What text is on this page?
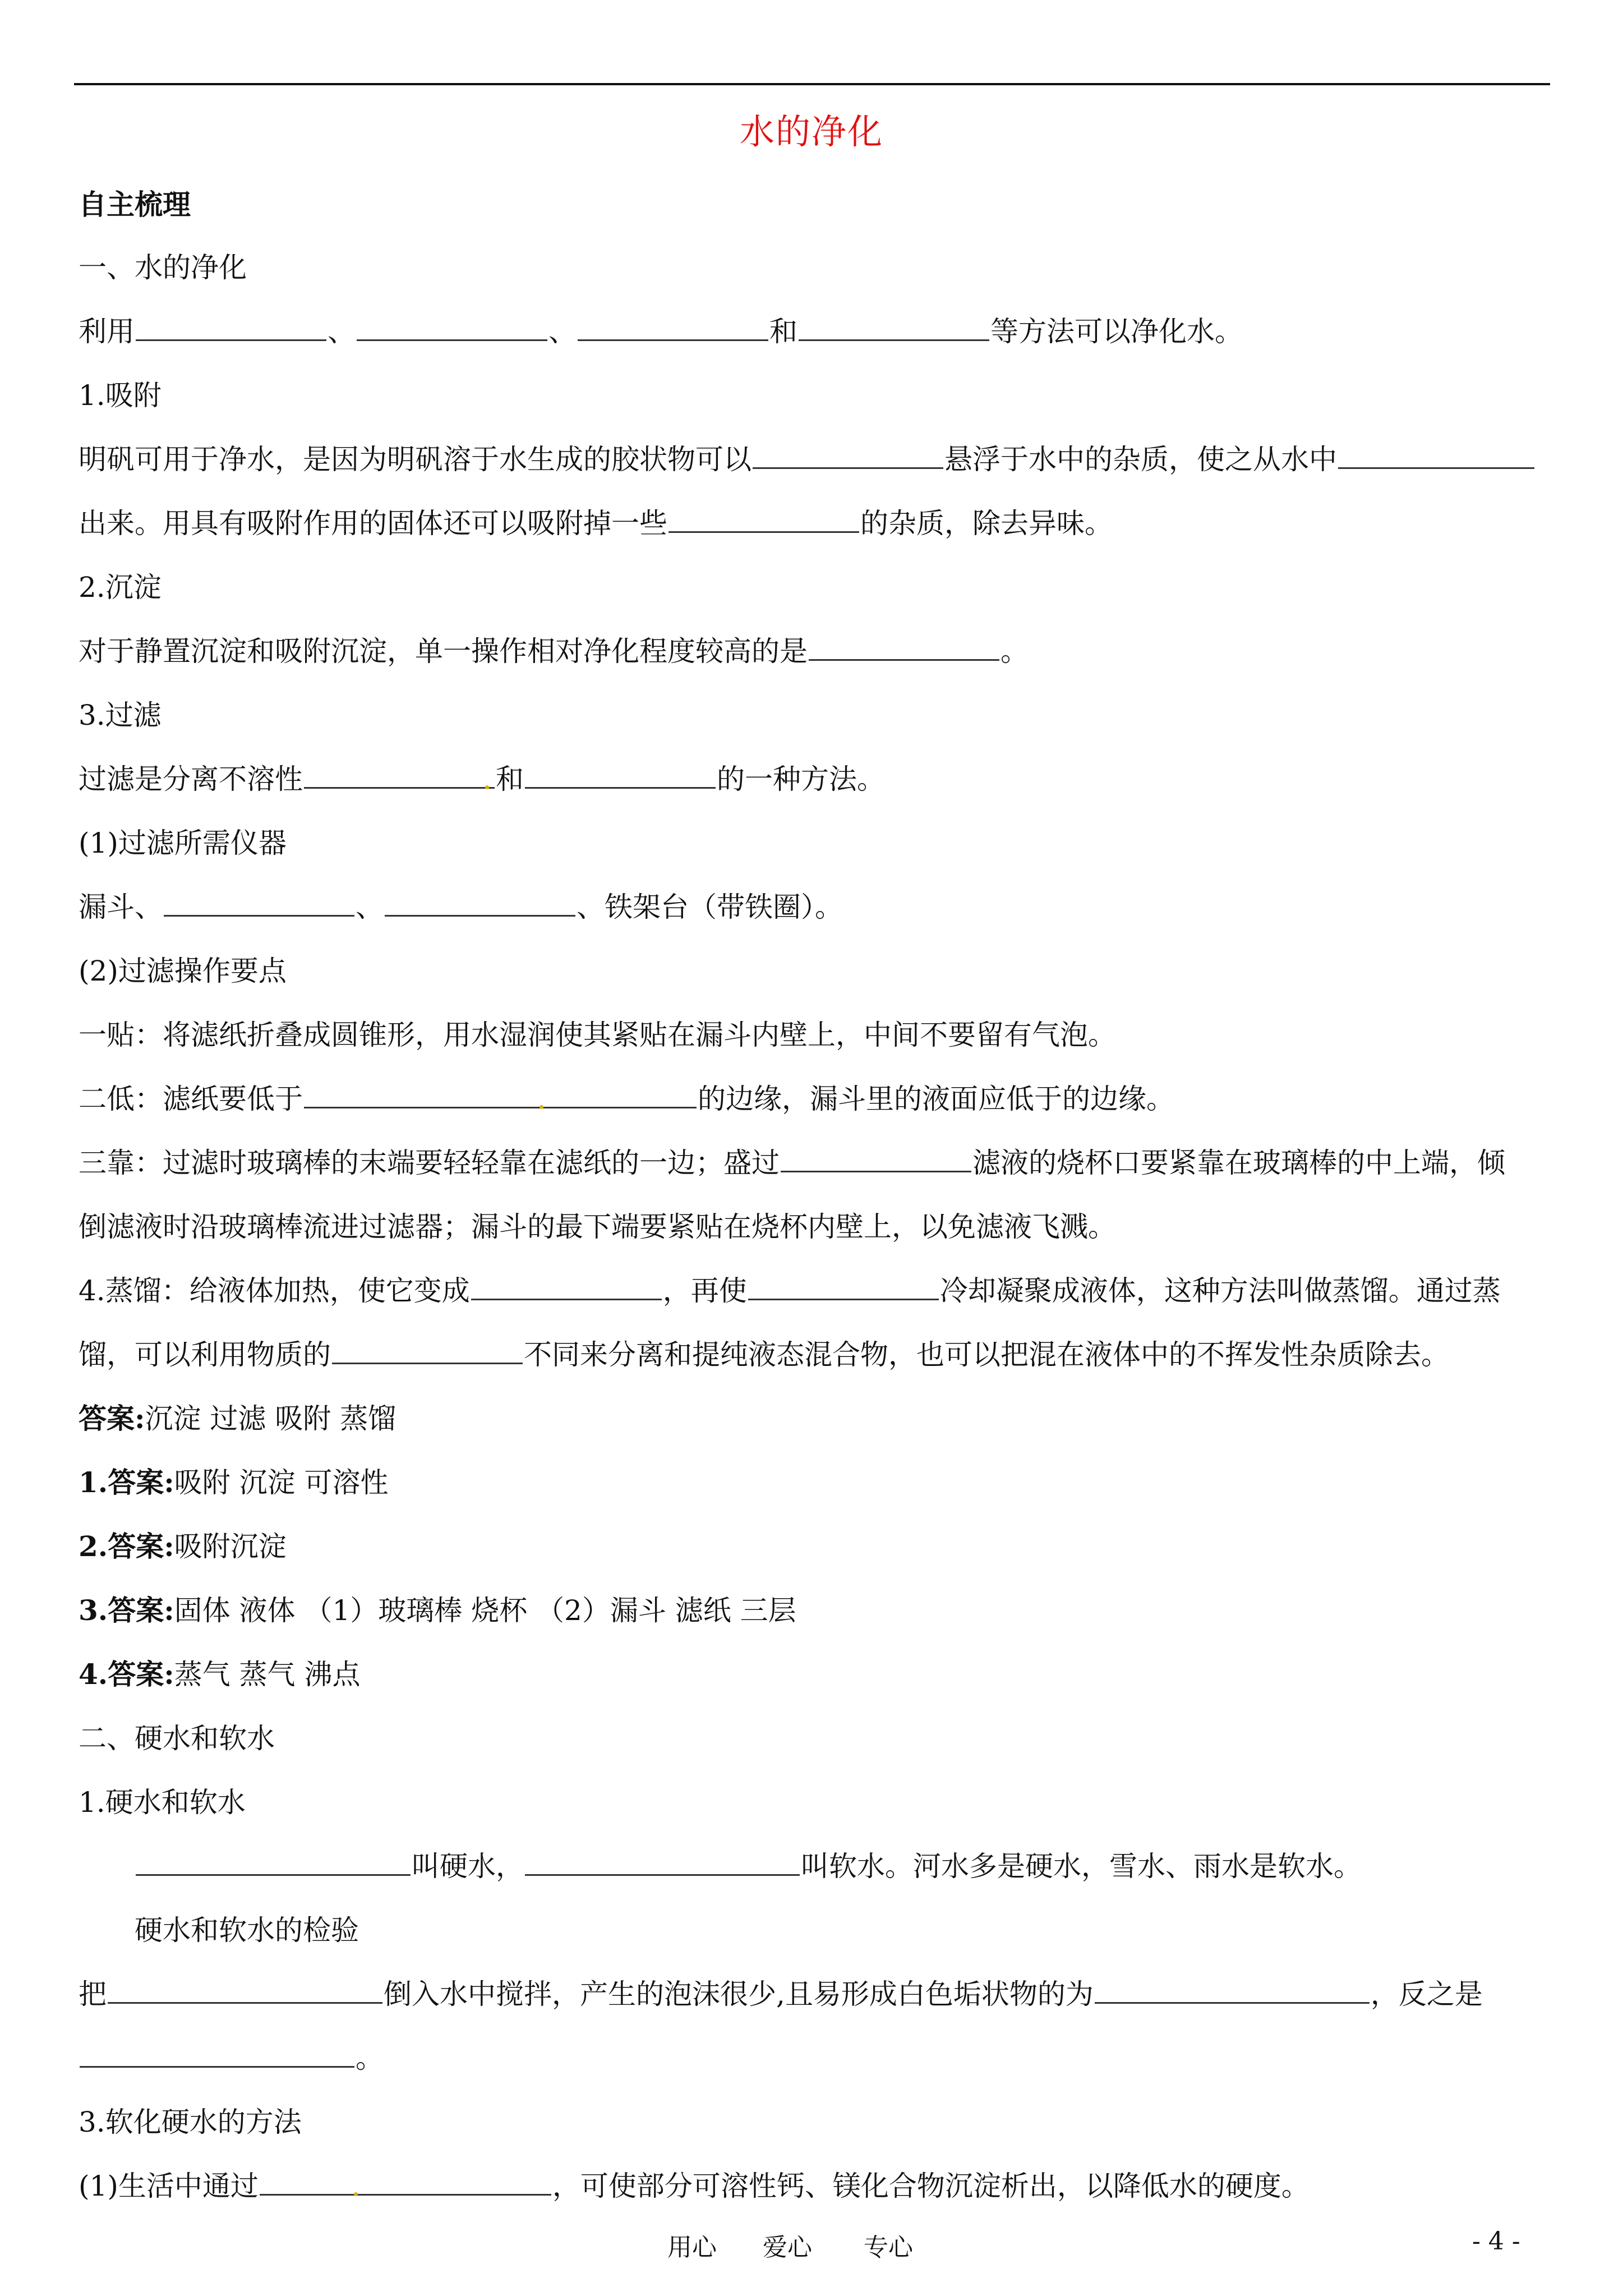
水的净化
自主梳理
一、水的净化
利用	、	、	和	等方法可以净化水。
1.吸附
明矾可用于净水，是因为明矾溶于水生成的胶状物可以	悬浮于水中的杂质，使之从水中
出来。用具有吸附作用的固体还可以吸附掉一些	的杂质，除去异味。
2.沉淀
对于静置沉淀和吸附沉淀，单一操作相对净化程度较高的是	。
3.过滤
过滤是分离不溶性	和	的一种方法。
(1)过滤所需仪器
漏斗、	、	、铁架台（带铁圈）。
(2)过滤操作要点
一贴：将滤纸折叠成圆锥形，用水湿润使其紧贴在漏斗内壁上，中间不要留有气泡。
二低：滤纸要低于	的边缘，漏斗里的液面应低于的边缘。
三靠：过滤时玻璃棒的末端要轻轻靠在滤纸的一边；盛过	滤液的烧杯口要紧靠在玻璃棒的中上端，倾
倒滤液时沿玻璃棒流进过滤器；漏斗的最下端要紧贴在烧杯内壁上，以免滤液飞溅。
4.蒸馏：给液体加热，使它变成	，再使	冷却凝聚成液体，这种方法叫做蒸馏。通过蒸
馏，可以利用物质的	不同来分离和提纯液态混合物，也可以把混在液体中的不挥发性杂质除去。
答案:沉淀 过滤 吸附 蒸馏
1.答案:吸附 沉淀 可溶性
2.答案:吸附沉淀
3.答案:固体 液体 （1）玻璃棒 烧杯 （2）漏斗 滤纸 三层
4.答案:蒸气 蒸气 沸点
二、硬水和软水
1.硬水和软水
叫硬水，	叫软水。河水多是硬水，雪水、雨水是软水。
硬水和软水的检验
把	倒入水中搅拌，产生的泡沫很少,且易形成白色垢状物的为	，反之是
。
3.软化硬水的方法
(1)生活中通过	，可使部分可溶性钙、镁化合物沉淀析出，以降低水的硬度。
用心 爱心 专心	- 4 -
